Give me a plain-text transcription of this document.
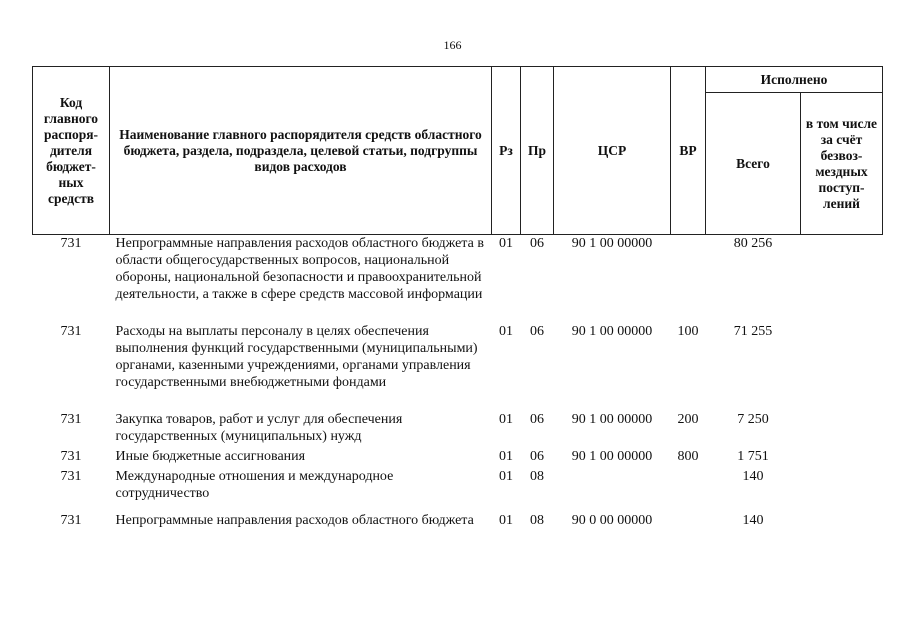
166
Код главного распоря-дителя бюджет-ных средств	Наименование главного распорядителя средств областного бюджета, раздела, подраздела, целевой статьи, подгруппы видов расходов	Рз	Пр	ЦСР	ВР	Исполнено	
						Всего	в том числе за счёт безвоз-мездных поступ-лений
731	Непрограммные направления расходов областного бюджета в области общегосударственных вопросов, национальной обороны, национальной безопасности и правоохранительной деятельности, а также в сфере средств массовой информации	01	06	90 1 00 00000		80 256	
731	Расходы на выплаты персоналу в целях обеспечения выполнения функций государственными (муниципальными) органами, казенными учреждениями, органами управления государственными внебюджетными фондами	01	06	90 1 00 00000	100	71 255	
731	Закупка товаров, работ и услуг для обеспечения государственных (муниципальных) нужд	01	06	90 1 00 00000	200	7 250	
731	Иные бюджетные ассигнования	01	06	90 1 00 00000	800	1 751	
731	Международные отношения и международное сотрудничество	01	08			140	
731	Непрограммные направления расходов областного бюджета	01	08	90 0 00 00000		140	
